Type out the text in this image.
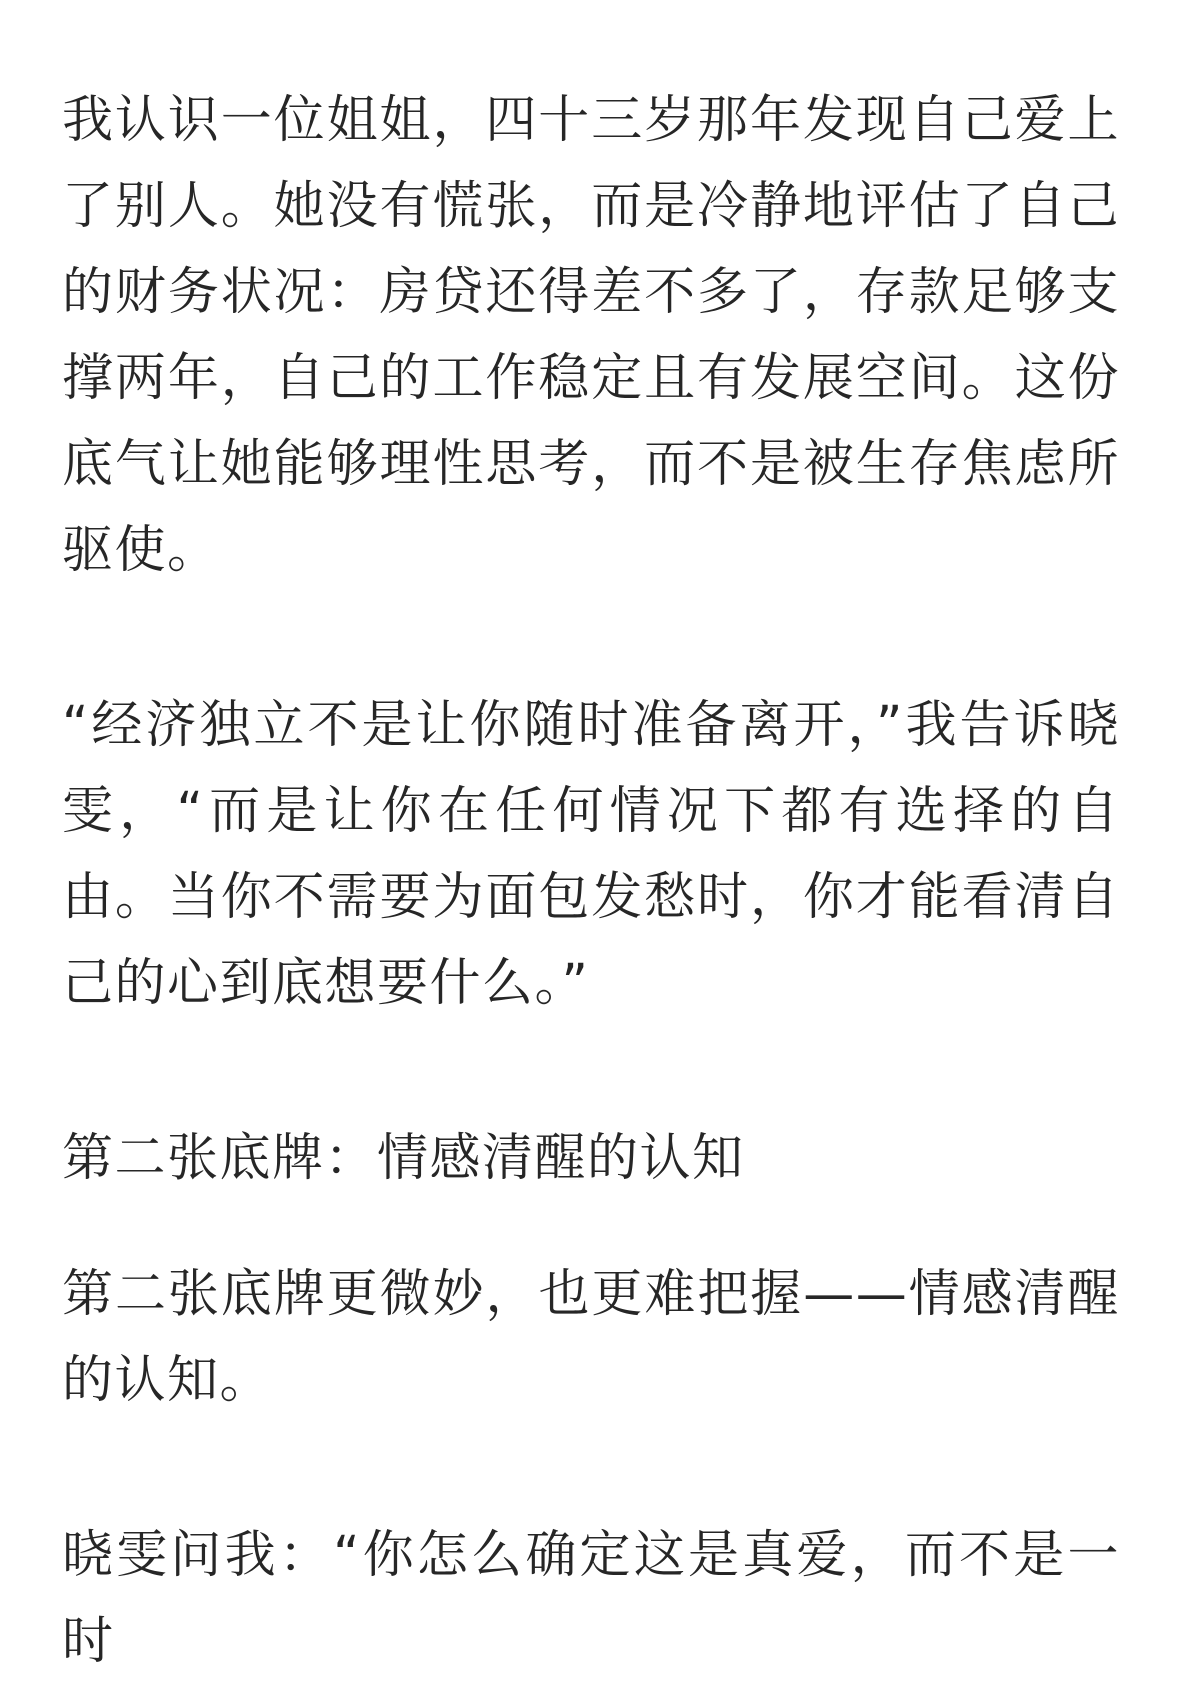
我认识一位姐姐，四十三岁那年发现自己爱上了别人。她没有慌张，而是冷静地评估了自己的财务状况：房贷还得差不多了，存款足够支撑两年，自己的工作稳定且有发展空间。这份底气让她能够理性思考，而不是被生存焦虑所驱使。

“经济独立不是让你随时准备离开，”我告诉晓雯，“而是让你在任何情况下都有选择的自由。当你不需要为面包发愁时，你才能看清自己的心到底想要什么。”

第二张底牌：情感清醒的认知

第二张底牌更微妙，也更难把握——情感清醒的认知。

晓雯问我：“你怎么确定这是真爱，而不是一时
